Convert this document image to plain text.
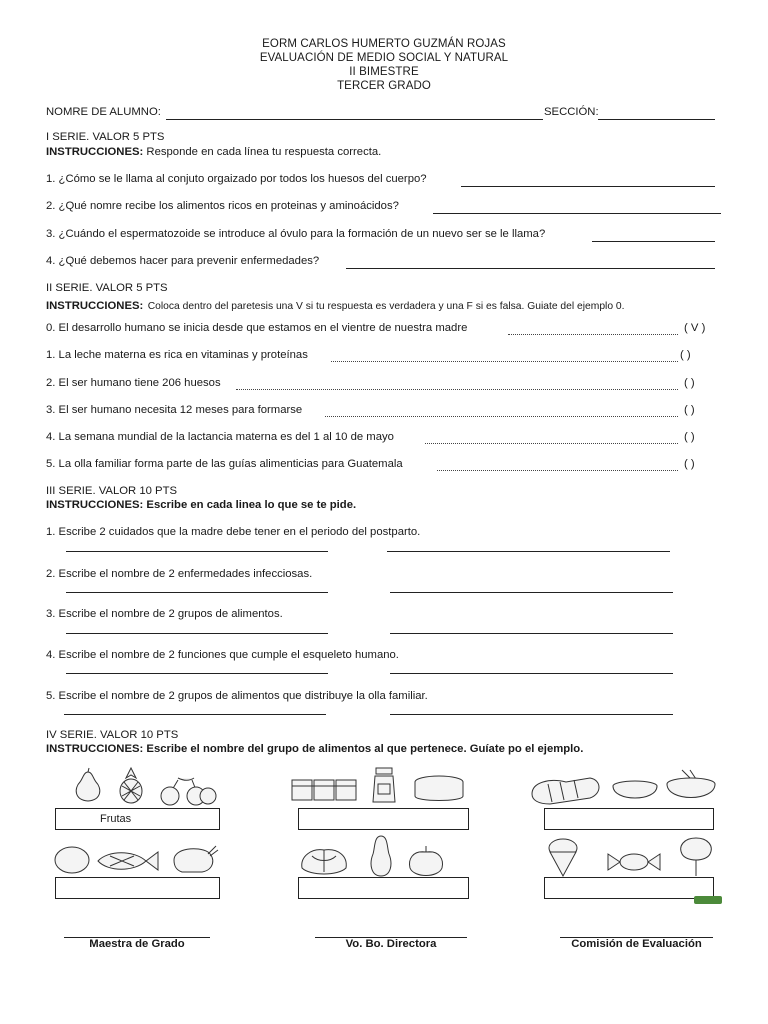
EORM CARLOS HUMERTO GUZMÁN ROJAS
EVALUACIÓN DE MEDIO SOCIAL Y NATURAL
II BIMESTRE
TERCER GRADO
NOMRE DE ALUMNO:	SECCIÓN:
I SERIE. VALOR 5 PTS
INSTRUCCIONES: Responde en cada línea tu respuesta correcta.
1. ¿Cómo se le llama al conjuto orgaizado por todos los huesos del cuerpo?
2. ¿Qué nomre recibe los alimentos ricos en proteinas y aminoácidos?
3. ¿Cuándo el espermatozoide se introduce al óvulo para la formación de un nuevo ser se le llama?
4. ¿Qué debemos hacer para prevenir enfermedades?
II SERIE. VALOR 5 PTS
INSTRUCCIONES: Coloca dentro del paretesis una V si tu respuesta es verdadera y una F si es falsa. Guiate del ejemplo 0.
0. El desarrollo humano se inicia desde que estamos en el vientre de nuestra madre	( V )
1. La leche materna es rica en vitaminas y proteínas	( )
2. El ser humano tiene 206 huesos	( )
3. El ser humano necesita 12 meses para formarse	( )
4. La semana mundial de la lactancia materna es del 1 al 10 de mayo	( )
5. La olla familiar forma parte de las guías alimenticias para Guatemala	( )
III SERIE. VALOR 10 PTS
INSTRUCCIONES: Escribe en cada linea lo que se te pide.
1. Escribe 2 cuidados que la madre debe tener en el periodo del postparto.
2. Escribe el nombre de 2 enfermedades infecciosas.
3. Escribe el nombre de 2 grupos de alimentos.
4. Escribe el nombre de 2 funciones que cumple el esqueleto humano.
5. Escribe el nombre de 2 grupos de alimentos que distribuye la olla familiar.
IV SERIE. VALOR 10 PTS
INSTRUCCIONES: Escribe el nombre del grupo de alimentos al que pertenece. Guíate po el ejemplo.
Frutas
Maestra de Grado	Vo. Bo. Directora	Comisión de Evaluación
